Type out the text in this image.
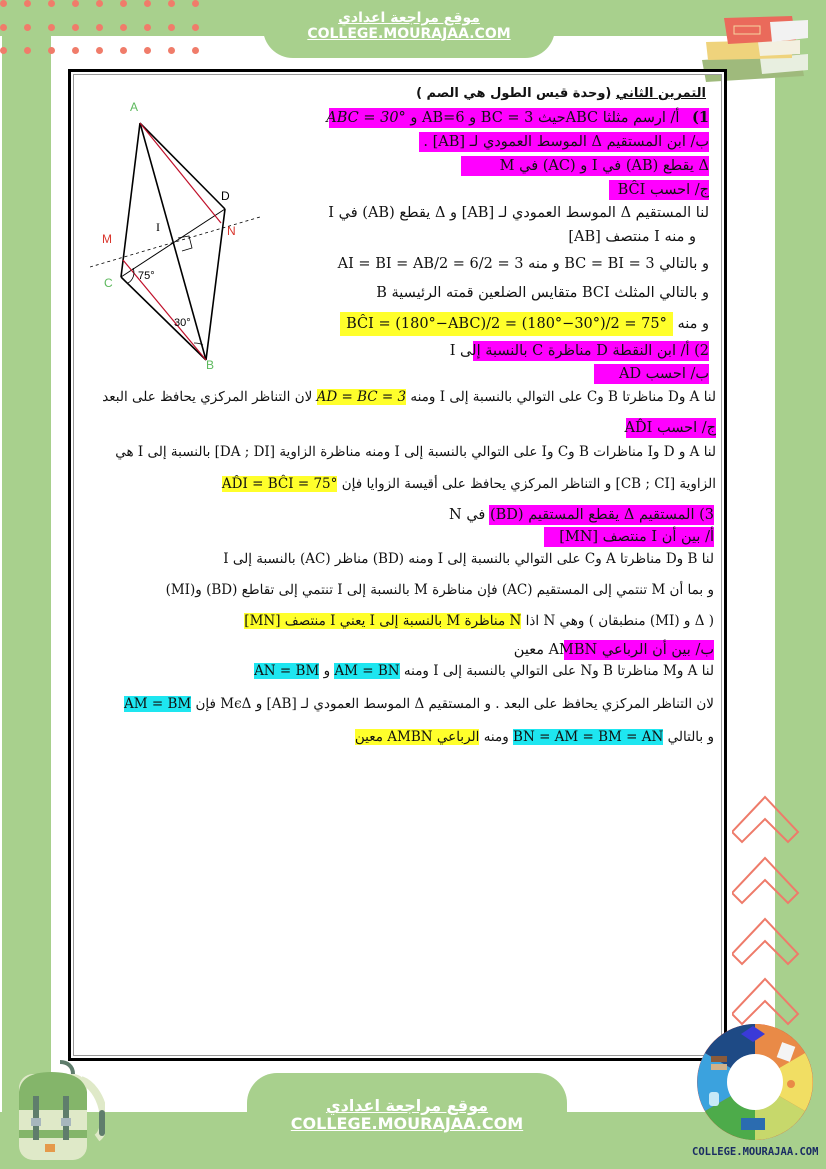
موقع مراجعة اعدادي
COLLEGE.MOURAJAA.COM
A
D
N
M
I
C
B
75°
30°
التمرين الثاني (وحدة قيس الطول هي الصم )
1) أ/ ارسم مثلثا ABCحيث BC = 3 و AB=6 و ABC = 30°
ب/ ابن المستقيم Δ الموسط العمودي لـ [AB] .
Δ يقطع (AB) في I و (AC) في M
ج/ احسب BĈI
لنا المستقيم Δ الموسط العمودي لـ [AB] و Δ يقطع (AB) في I
و منه I منتصف [AB]
و بالتالي BC = BI = 3 و منه AI = BI = AB/2 = 6/2 = 3
و بالتالي المثلث BCI متقايس الضلعين قمته الرئيسية B
و منه BĈI = (180°−ABC)/2 = (180°−30°)/2 = 75°
2) أ/ ابن النقطة D مناظرة C بالنسبة إلى I
ب/ احسب AD
لنا A وD مناظرتا B وC على التوالي بالنسبة إلى I ومنه AD = BC = 3 لان التناظر المركزي يحافظ على البعد
ج/ احسب AD̂I
لنا A و D وI مناظرات B وC وI على التوالي بالنسبة إلى I ومنه مناظرة الزاوية [DA ; DI] بالنسبة إلى I هي
الزاوية [CB ; CI] و التناظر المركزي يحافظ على أقيسة الزوايا فإن AD̂I = BĈI = 75°
3) المستقيم Δ يقطع المستقيم (BD) في N
أ/ بين أن I منتصف [MN]
لنا B وD مناظرتا A وC على التوالي بالنسبة إلى I ومنه (BD) مناظر (AC) بالنسبة إلى I
و بما أن M تنتمي إلى المستقيم (AC) فإن مناظرة M بالنسبة إلى I تنتمي إلى تقاطع (BD) و(MI)
( Δ و (MI) منطبقان ) وهي N اذا N مناظرة M بالنسبة إلى I يعني I منتصف [MN]
ب/ بين أن الرباعي AMBN معين
لنا A وM مناظرتا B وN على التوالي بالنسبة إلى I ومنه AM = BN و AN = BM
لان التناظر المركزي يحافظ على البعد . و المستقيم Δ الموسط العمودي لـ [AB] و MϵΔ فإن AM = BM
و بالتالي BN = AM = BM = AN ومنه الرباعي AMBN معين
موقع مراجعة اعدادي
COLLEGE.MOURAJAA.COM
COLLEGE.MOURAJAA.COM
